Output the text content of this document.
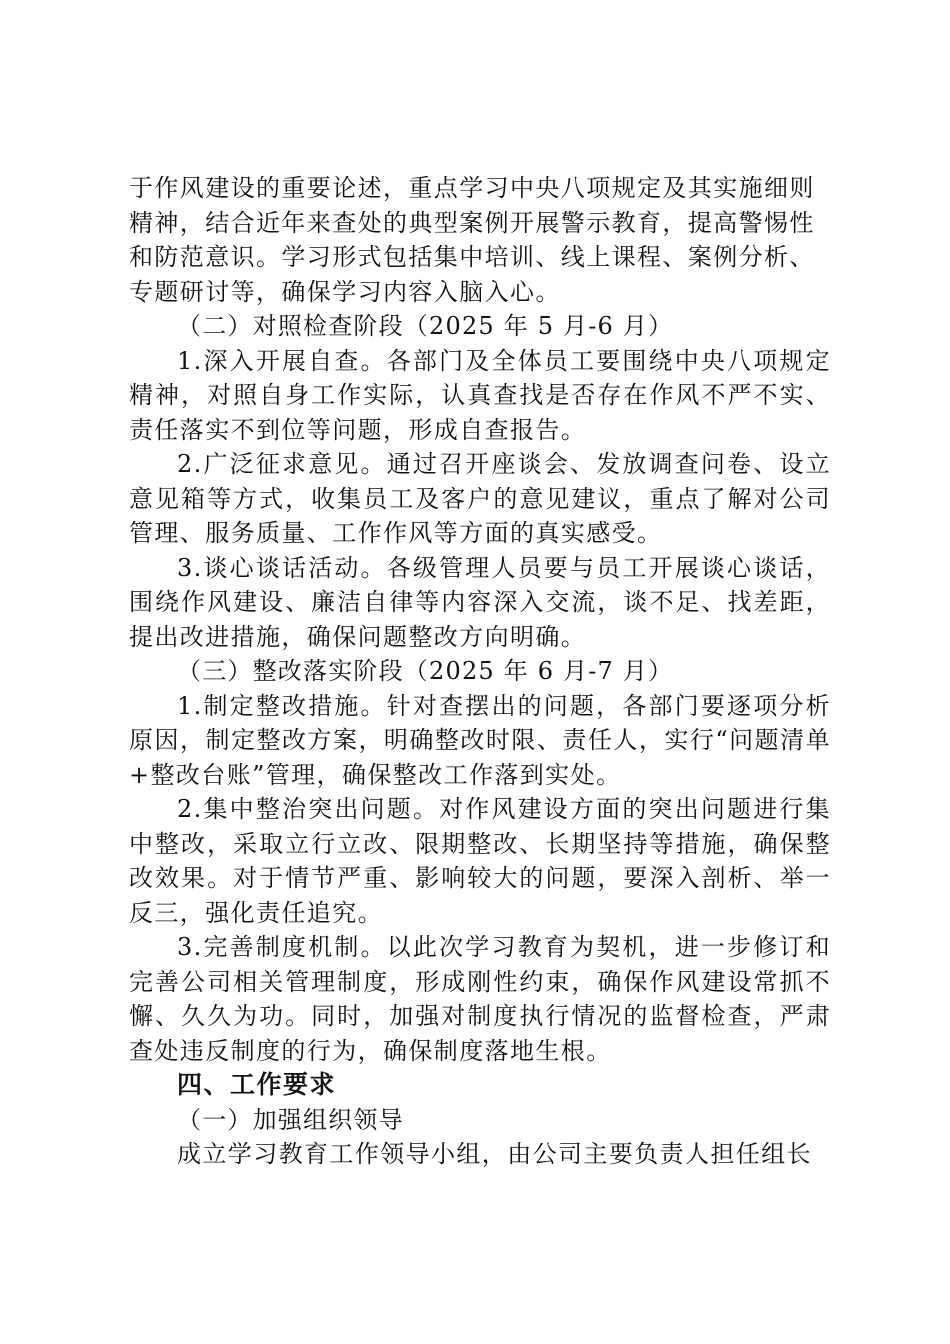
于作风建设的重要论述，重点学习中央八项规定及其实施细则
精神，结合近年来查处的典型案例开展警示教育，提高警惕性
和防范意识。学习形式包括集中培训、线上课程、案例分析、
专题研讨等，确保学习内容入脑入心。
（二）对照检查阶段（2025 年 5 月-6 月）
1.深入开展自查。各部门及全体员工要围绕中央八项规定精神，对照自身工作实际，认真查找是否存在作风不严不实、责任落实不到位等问题，形成自查报告。
2.广泛征求意见。通过召开座谈会、发放调查问卷、设立意见箱等方式，收集员工及客户的意见建议，重点了解对公司管理、服务质量、工作作风等方面的真实感受。
3.谈心谈话活动。各级管理人员要与员工开展谈心谈话，围绕作风建设、廉洁自律等内容深入交流，谈不足、找差距，提出改进措施，确保问题整改方向明确。
（三）整改落实阶段（2025 年 6 月-7 月）
1.制定整改措施。针对查摆出的问题，各部门要逐项分析原因，制定整改方案，明确整改时限、责任人，实行“问题清单+整改台账”管理，确保整改工作落到实处。
2.集中整治突出问题。对作风建设方面的突出问题进行集中整改，采取立行立改、限期整改、长期坚持等措施，确保整改效果。对于情节严重、影响较大的问题，要深入剖析、举一反三，强化责任追究。
3.完善制度机制。以此次学习教育为契机，进一步修订和完善公司相关管理制度，形成刚性约束，确保作风建设常抓不懈、久久为功。同时，加强对制度执行情况的监督检查，严肃查处违反制度的行为，确保制度落地生根。
四、工作要求
（一）加强组织领导
成立学习教育工作领导小组，由公司主要负责人担任组长
